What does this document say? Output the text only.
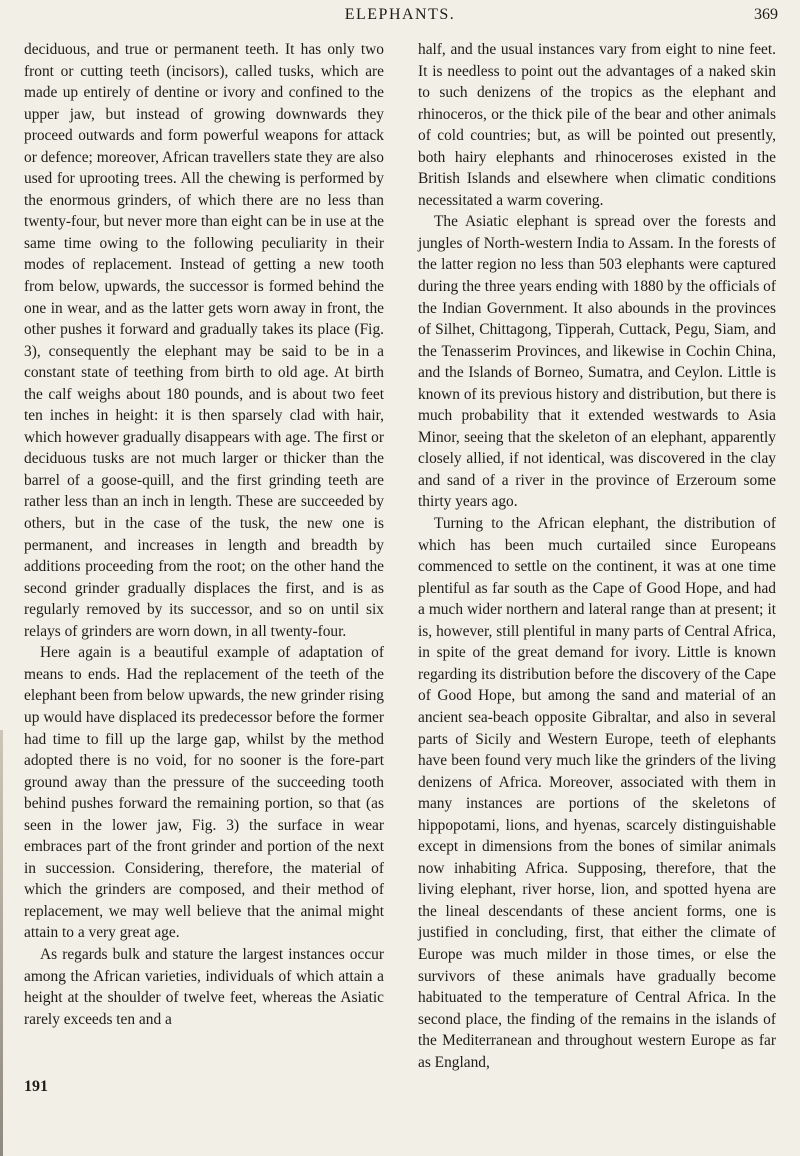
ELEPHANTS.	369

deciduous, and true or permanent teeth. It has only two front or cutting teeth (incisors), called tusks, which are made up entirely of dentine or ivory and confined to the upper jaw, but instead of growing downwards they proceed outwards and form powerful weapons for attack or defence; moreover, African travellers state they are also used for uprooting trees. All the chewing is performed by the enormous grinders, of which there are no less than twenty-four, but never more than eight can be in use at the same time owing to the following peculiarity in their modes of replacement. Instead of getting a new tooth from below, upwards, the successor is formed behind the one in wear, and as the latter gets worn away in front, the other pushes it forward and gradually takes its place (Fig. 3), consequently the elephant may be said to be in a constant state of teething from birth to old age. At birth the calf weighs about 180 pounds, and is about two feet ten inches in height: it is then sparsely clad with hair, which however gradually disappears with age. The first or deciduous tusks are not much larger or thicker than the barrel of a goose-quill, and the first grinding teeth are rather less than an inch in length. These are succeeded by others, but in the case of the tusk, the new one is permanent, and increases in length and breadth by additions proceeding from the root; on the other hand the second grinder gradually displaces the first, and is as regularly removed by its successor, and so on until six relays of grinders are worn down, in all twenty-four.

Here again is a beautiful example of adaptation of means to ends. Had the replacement of the teeth of the elephant been from below upwards, the new grinder rising up would have displaced its predecessor before the former had time to fill up the large gap, whilst by the method adopted there is no void, for no sooner is the fore-part ground away than the pressure of the succeeding tooth behind pushes forward the remaining portion, so that (as seen in the lower jaw, Fig. 3) the surface in wear embraces part of the front grinder and portion of the next in succession. Considering, therefore, the material of which the grinders are composed, and their method of replacement, we may well believe that the animal might attain to a very great age.

As regards bulk and stature the largest instances occur among the African varieties, individuals of which attain a height at the shoulder of twelve feet, whereas the Asiatic rarely exceeds ten and a

191

half, and the usual instances vary from eight to nine feet. It is needless to point out the advantages of a naked skin to such denizens of the tropics as the elephant and rhinoceros, or the thick pile of the bear and other animals of cold countries; but, as will be pointed out presently, both hairy elephants and rhinoceroses existed in the British Islands and elsewhere when climatic conditions necessitated a warm covering.

The Asiatic elephant is spread over the forests and jungles of North-western India to Assam. In the forests of the latter region no less than 503 elephants were captured during the three years ending with 1880 by the officials of the Indian Government. It also abounds in the provinces of Silhet, Chittagong, Tipperah, Cuttack, Pegu, Siam, and the Tenasserim Provinces, and likewise in Cochin China, and the Islands of Borneo, Sumatra, and Ceylon. Little is known of its previous history and distribution, but there is much probability that it extended westwards to Asia Minor, seeing that the skeleton of an elephant, apparently closely allied, if not identical, was discovered in the clay and sand of a river in the province of Erzeroum some thirty years ago.

Turning to the African elephant, the distribution of which has been much curtailed since Europeans commenced to settle on the continent, it was at one time plentiful as far south as the Cape of Good Hope, and had a much wider northern and lateral range than at present; it is, however, still plentiful in many parts of Central Africa, in spite of the great demand for ivory. Little is known regarding its distribution before the discovery of the Cape of Good Hope, but among the sand and material of an ancient sea-beach opposite Gibraltar, and also in several parts of Sicily and Western Europe, teeth of elephants have been found very much like the grinders of the living denizens of Africa. Moreover, associated with them in many instances are portions of the skeletons of hippopotami, lions, and hyenas, scarcely distinguishable except in dimensions from the bones of similar animals now inhabiting Africa. Supposing, therefore, that the living elephant, river horse, lion, and spotted hyena are the lineal descendants of these ancient forms, one is justified in concluding, first, that either the climate of Europe was much milder in those times, or else the survivors of these animals have gradually become habituated to the temperature of Central Africa. In the second place, the finding of the remains in the islands of the Mediterranean and throughout western Europe as far as England,
